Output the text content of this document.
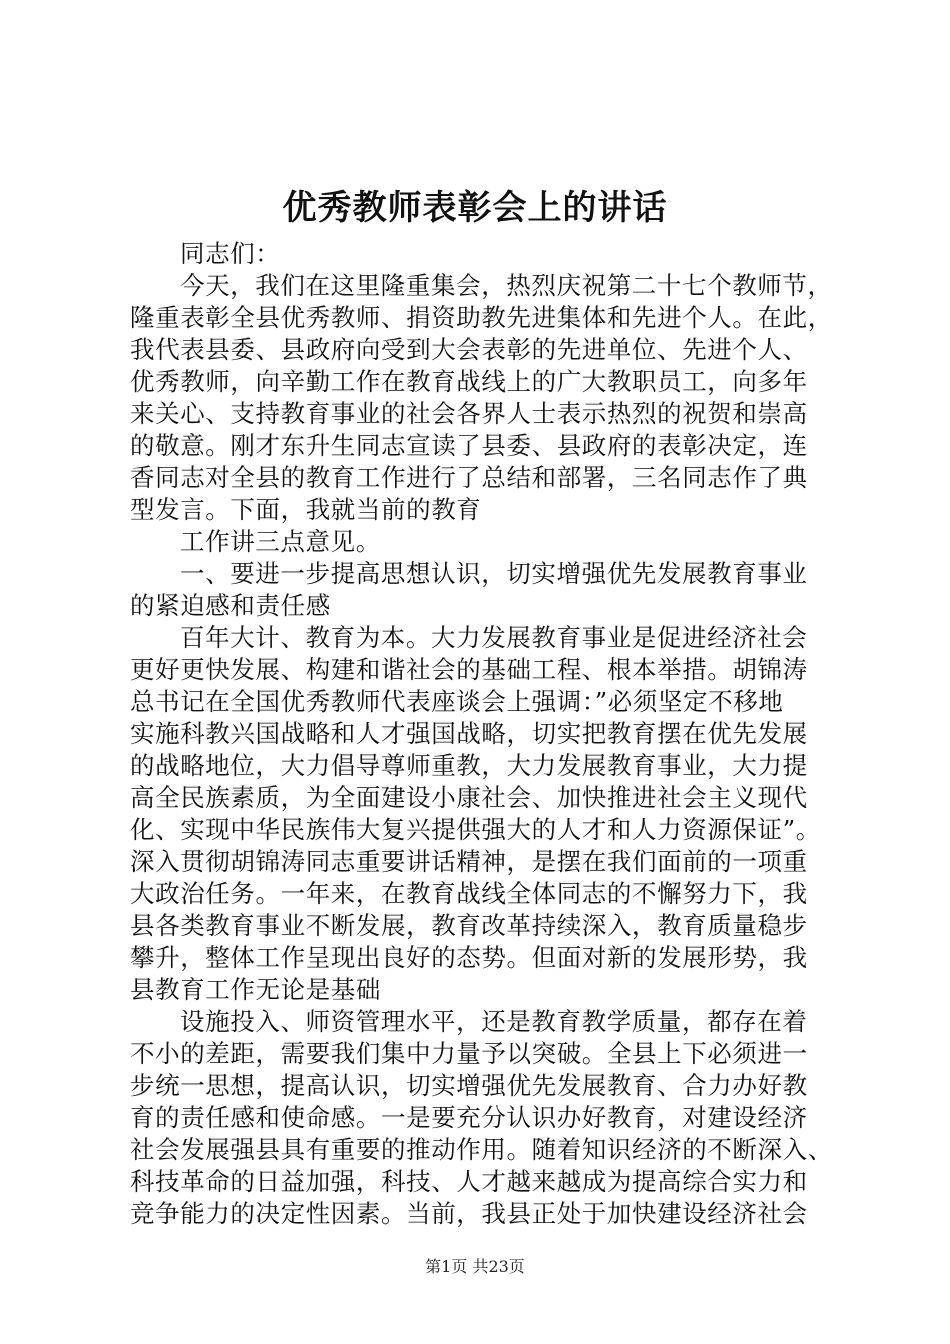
优秀教师表彰会上的讲话
同志们：
今天，我们在这里隆重集会，热烈庆祝第二十七个教师节，
隆重表彰全县优秀教师、捐资助教先进集体和先进个人。在此，
我代表县委、县政府向受到大会表彰的先进单位、先进个人、
优秀教师，向辛勤工作在教育战线上的广大教职员工，向多年
来关心、支持教育事业的社会各界人士表示热烈的祝贺和崇高
的敬意。刚才东升生同志宣读了县委、县政府的表彰决定，连
香同志对全县的教育工作进行了总结和部署，三名同志作了典
型发言。下面，我就当前的教育
工作讲三点意见。
一、要进一步提高思想认识，切实增强优先发展教育事业
的紧迫感和责任感
百年大计、教育为本。大力发展教育事业是促进经济社会
更好更快发展、构建和谐社会的基础工程、根本举措。胡锦涛
总书记在全国优秀教师代表座谈会上强调：”必须坚定不移地
实施科教兴国战略和人才强国战略，切实把教育摆在优先发展
的战略地位，大力倡导尊师重教，大力发展教育事业，大力提
高全民族素质，为全面建设小康社会、加快推进社会主义现代
化、实现中华民族伟大复兴提供强大的人才和人力资源保证”。
深入贯彻胡锦涛同志重要讲话精神，是摆在我们面前的一项重
大政治任务。一年来，在教育战线全体同志的不懈努力下，我
县各类教育事业不断发展，教育改革持续深入，教育质量稳步
攀升，整体工作呈现出良好的态势。但面对新的发展形势，我
县教育工作无论是基础
设施投入、师资管理水平，还是教育教学质量，都存在着
不小的差距，需要我们集中力量予以突破。全县上下必须进一
步统一思想，提高认识，切实增强优先发展教育、合力办好教
育的责任感和使命感。一是要充分认识办好教育，对建设经济
社会发展强县具有重要的推动作用。随着知识经济的不断深入、
科技革命的日益加强，科技、人才越来越成为提高综合实力和
竞争能力的决定性因素。当前，我县正处于加快建设经济社会
第1页 共23页
